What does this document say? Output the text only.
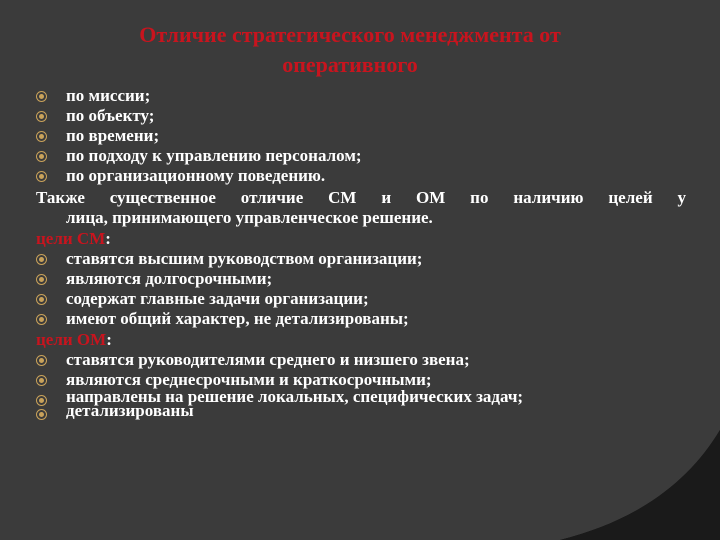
Отличие стратегического менеджмента от
оперативного
по миссии;
по объекту;
по времени;
по подходу к управлению персоналом;
по организационному поведению.

Также существенное отличие СМ и ОМ по наличию целей у
лица, принимающего управленческое решение.

цели СМ:

ставятся высшим руководством организации;
являются долгосрочными;
содержат главные задачи организации;
имеют общий характер, не детализированы;

цели ОМ:

ставятся руководителями среднего и низшего звена;
являются среднесрочными и краткосрочными;
направлены на решение локальных, специфических задач;
детализированы
